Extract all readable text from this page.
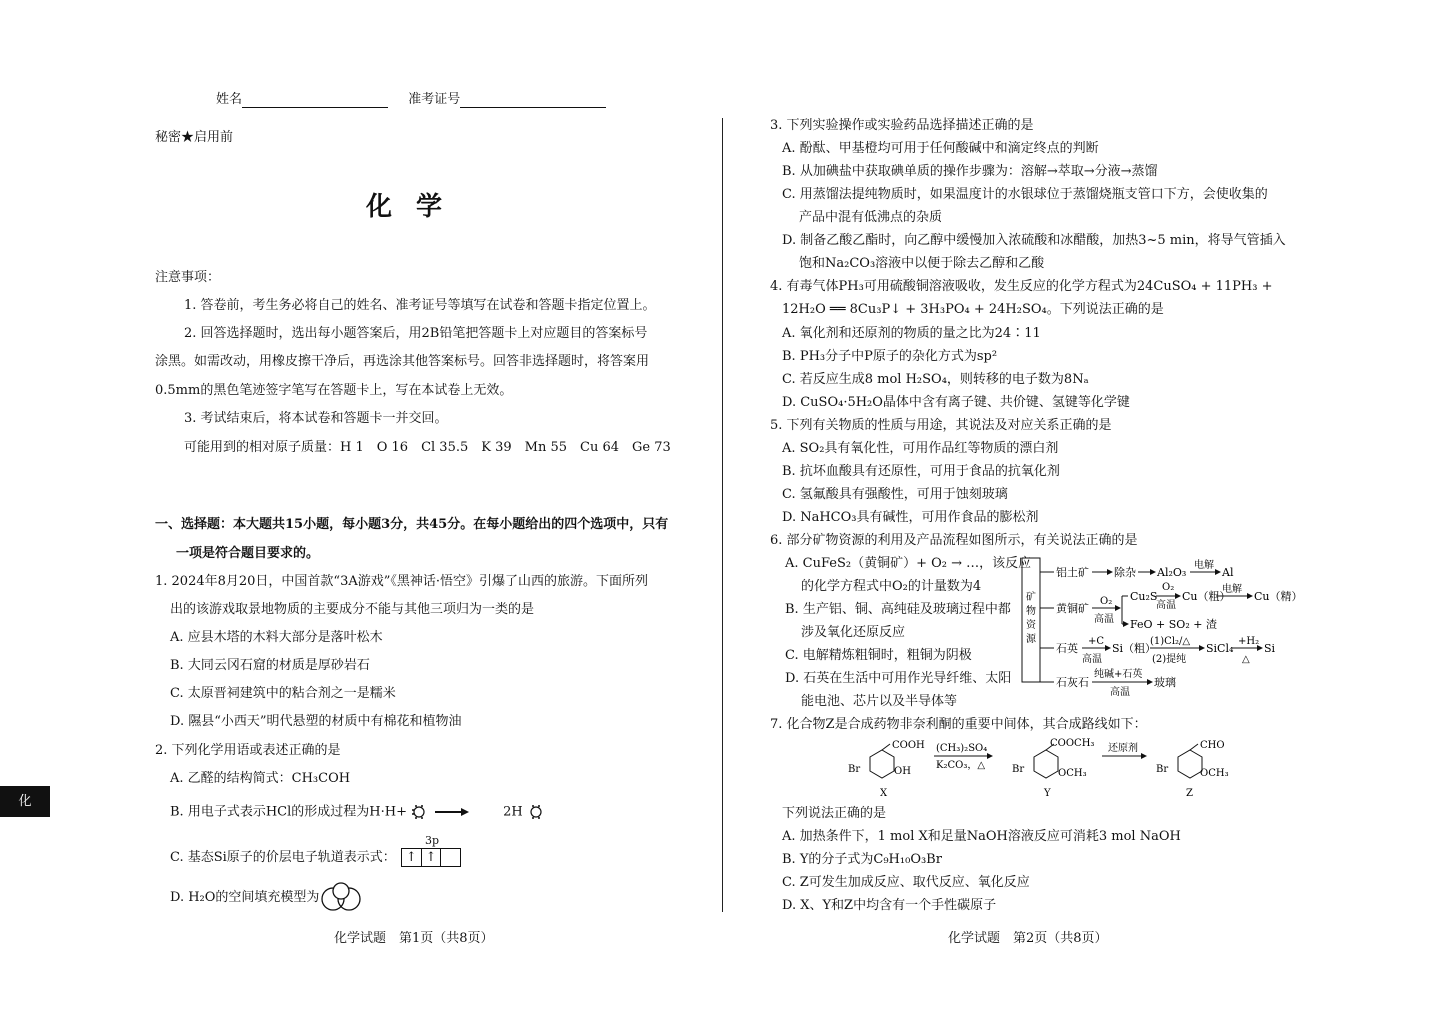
姓名	准考证号
秘密★启用前
化学
注意事项：
1. 答卷前，考生务必将自己的姓名、准考证号等填写在试卷和答题卡指定位置上。
2. 回答选择题时，选出每小题答案后，用2B铅笔把答题卡上对应题目的答案标号
涂黑。如需改动，用橡皮擦干净后，再选涂其他答案标号。回答非选择题时，将答案用
0.5mm的黑色笔迹签字笔写在答题卡上，写在本试卷上无效。
3. 考试结束后，将本试卷和答题卡一并交回。
可能用到的相对原子质量：H 1　O 16　Cl 35.5　K 39　Mn 55　Cu 64　Ge 73
一、选择题：本大题共15小题，每小题3分，共45分。在每小题给出的四个选项中，只有
一项是符合题目要求的。
1. 2024年8月20日，中国首款“3A游戏”《黑神话·悟空》引爆了山西的旅游。下面所列
出的该游戏取景地物质的主要成分不能与其他三项归为一类的是
A. 应县木塔的木料大部分是落叶松木
B. 大同云冈石窟的材质是厚砂岩石
C. 太原晋祠建筑中的粘合剂之一是糯米
D. 隰县“小西天”明代悬塑的材质中有棉花和植物油
2. 下列化学用语或表述正确的是
A. 乙醛的结构简式：CH₃COH
B. 用电子式表示HCl的形成过程为H·H+	2H
3p
C. 基态Si原子的价层电子轨道表示式： ↑ ↑
D. H₂O的空间填充模型为
化学试题　第1页（共8页）
化
3. 下列实验操作或实验药品选择描述正确的是
A. 酚酞、甲基橙均可用于任何酸碱中和滴定终点的判断
B. 从加碘盐中获取碘单质的操作步骤为：溶解→萃取→分液→蒸馏
C. 用蒸馏法提纯物质时，如果温度计的水银球位于蒸馏烧瓶支管口下方，会使收集的
产品中混有低沸点的杂质
D. 制备乙酸乙酯时，向乙醇中缓慢加入浓硫酸和冰醋酸，加热3~5 min，将导气管插入
饱和Na₂CO₃溶液中以便于除去乙醇和乙酸
4. 有毒气体PH₃可用硫酸铜溶液吸收，发生反应的化学方程式为24CuSO₄ + 11PH₃ +
12H₂O ══ 8Cu₃P↓ + 3H₃PO₄ + 24H₂SO₄。下列说法正确的是
A. 氧化剂和还原剂的物质的量之比为24∶11
B. PH₃分子中P原子的杂化方式为sp²
C. 若反应生成8 mol H₂SO₄，则转移的电子数为8Nₐ
D. CuSO₄·5H₂O晶体中含有离子键、共价键、氢键等化学键
5. 下列有关物质的性质与用途，其说法及对应关系正确的是
A. SO₂具有氧化性，可用作品红等物质的漂白剂
B. 抗坏血酸具有还原性，可用于食品的抗氧化剂
C. 氢氟酸具有强酸性，可用于蚀刻玻璃
D. NaHCO₃具有碱性，可用作食品的膨松剂
6. 部分矿物资源的利用及产品流程如图所示，有关说法正确的是
A. CuFeS₂（黄铜矿）+ O₂ → …，该反应
的化学方程式中O₂的计量数为4
B. 生产铝、铜、高纯硅及玻璃过程中都
涉及氧化还原反应
C. 电解精炼粗铜时，粗铜为阴极
D. 石英在生活中可用作光导纤维、太阳
能电池、芯片以及半导体等
矿
物
资
源
铝土矿 除杂 Al₂O₃
电解
Al
黄铜矿
O₂
高温
Cu₂S
O₂
高温
Cu（粗）
电解
Cu（精）
FeO + SO₂ + 渣
石英
+C
高温
Si（粗）
(1)Cl₂/△
(2)提纯
SiCl₄
+H₂
△
Si
石灰石
纯碱+石英
高温
玻璃
7. 化合物Z是合成药物非奈利酮的重要中间体，其合成路线如下：
COOH
OH
Br
X
(CH₃)₂SO₄
K₂CO₃，△
COOCH₃
OCH₃
Br
Y
还原剂	CHO
OCH₃
Br
Z
下列说法正确的是
A. 加热条件下，1 mol X和足量NaOH溶液反应可消耗3 mol NaOH
B. Y的分子式为C₉H₁₀O₃Br
C. Z可发生加成反应、取代反应、氧化反应
D. X、Y和Z中均含有一个手性碳原子
化学试题　第2页（共8页）
